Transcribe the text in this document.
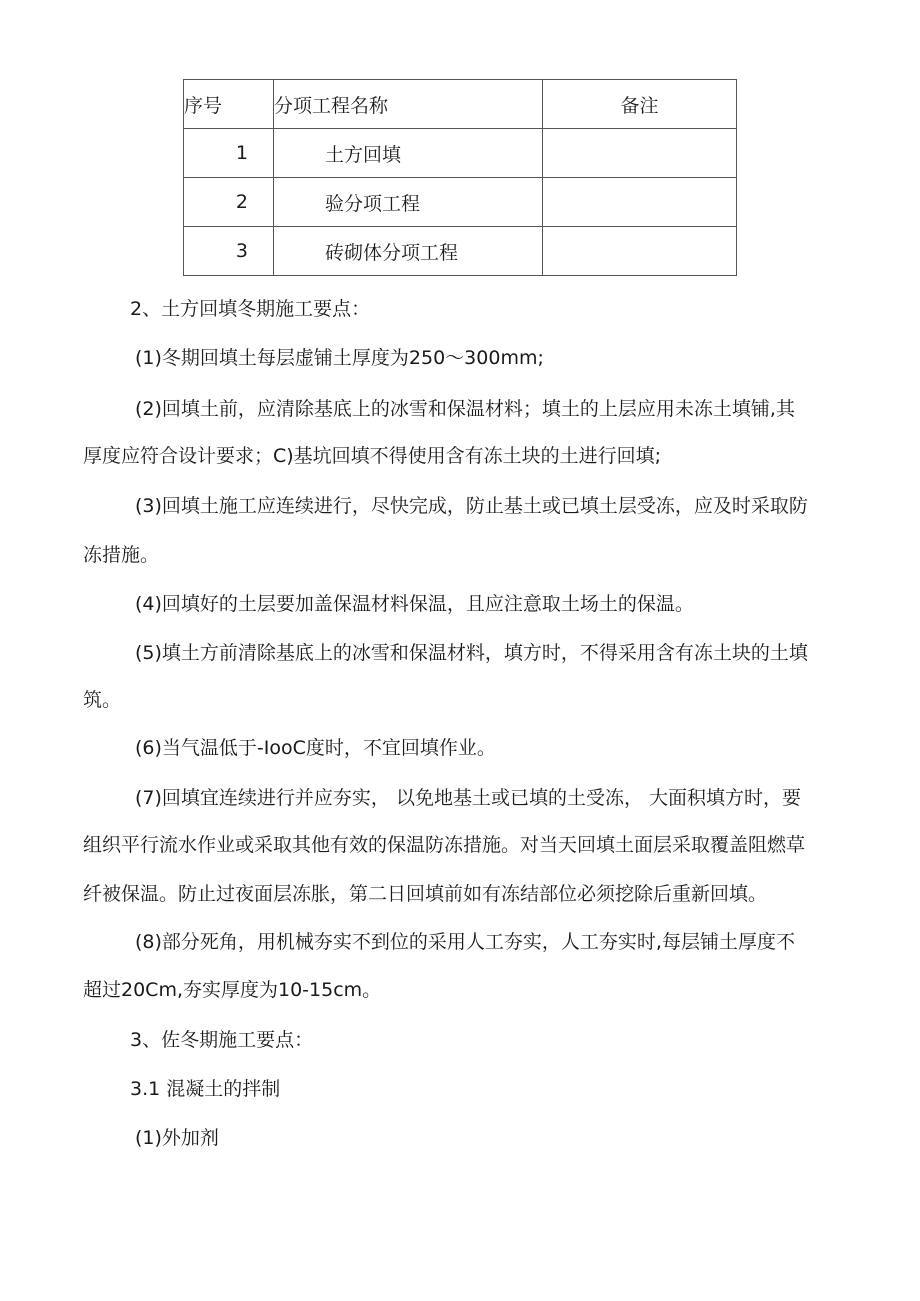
序号	分项工程名称	备注
1	土方回填	
2	验分项工程	
3	砖砌体分项工程	

2、土方回填冬期施工要点：

(1)冬期回填土每层虚铺土厚度为250～300mm;

(2)回填土前，应清除基底上的冰雪和保温材料；填土的上层应用未冻土填铺,其

厚度应符合设计要求；C)基坑回填不得使用含有冻土块的土进行回填;

(3)回填土施工应连续进行，尽快完成，防止基土或已填土层受冻，应及时采取防

冻措施。

(4)回填好的土层要加盖保温材料保温，且应注意取土场土的保温。

(5)填土方前清除基底上的冰雪和保温材料，填方时，不得采用含有冻土块的土填

筑。

(6)当气温低于-IooC度时，不宜回填作业。

(7)回填宜连续进行并应夯实， 以免地基土或已填的土受冻， 大面积填方时，要

组织平行流水作业或采取其他有效的保温防冻措施。对当天回填土面层采取覆盖阻燃草

纤被保温。防止过夜面层冻胀，第二日回填前如有冻结部位必须挖除后重新回填。

(8)部分死角，用机械夯实不到位的采用人工夯实，人工夯实时,每层铺土厚度不

超过20Cm,夯实厚度为10-15cm。

3、佐冬期施工要点：

3.1 混凝土的拌制

(1)外加剂
